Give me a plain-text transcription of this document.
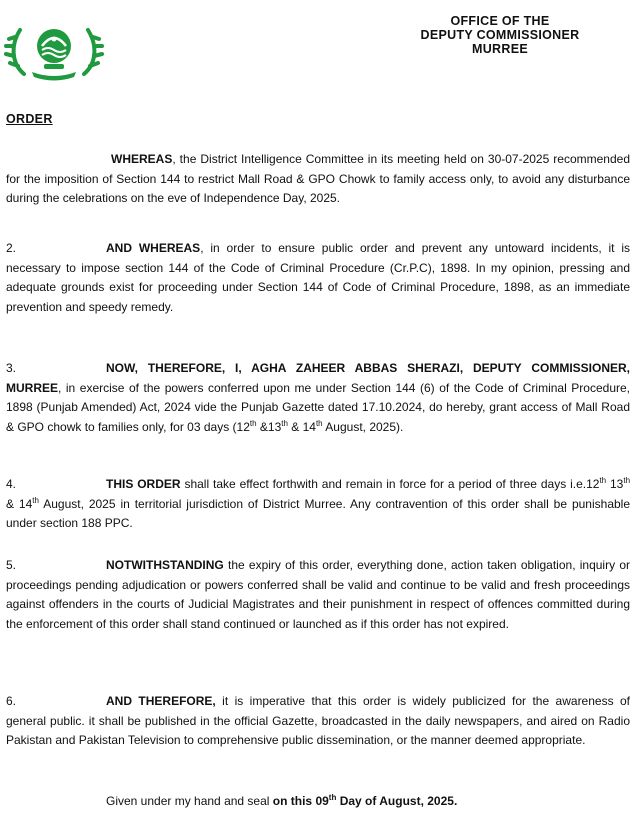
OFFICE OF THE
DEPUTY COMMISSIONER
MURREE
ORDER

WHEREAS, the District Intelligence Committee in its meeting held on 30-07-2025 recommended for the imposition of Section 144 to restrict Mall Road & GPO Chowk to family access only, to avoid any disturbance during the celebrations on the eve of Independence Day, 2025.

2.	AND WHEREAS, in order to ensure public order and prevent any untoward incidents, it is necessary to impose section 144 of the Code of Criminal Procedure (Cr.P.C), 1898. In my opinion, pressing and adequate grounds exist for proceeding under Section 144 of Code of Criminal Procedure, 1898, as an immediate prevention and speedy remedy.

3.	NOW, THEREFORE, I, AGHA ZAHEER ABBAS SHERAZI, DEPUTY COMMISSIONER, MURREE, in exercise of the powers conferred upon me under Section 144 (6) of the Code of Criminal Procedure, 1898 (Punjab Amended) Act, 2024 vide the Punjab Gazette dated 17.10.2024, do hereby, grant access of Mall Road & GPO chowk to families only, for 03 days (12th &13th & 14th August, 2025).

4.	THIS ORDER shall take effect forthwith and remain in force for a period of three days i.e.12th 13th & 14th August, 2025 in territorial jurisdiction of District Murree. Any contravention of this order shall be punishable under section 188 PPC.

5.	NOTWITHSTANDING the expiry of this order, everything done, action taken obligation, inquiry or proceedings pending adjudication or powers conferred shall be valid and continue to be valid and fresh proceedings against offenders in the courts of Judicial Magistrates and their punishment in respect of offences committed during the enforcement of this order shall stand continued or launched as if this order has not expired.

6.	AND THEREFORE, it is imperative that this order is widely publicized for the awareness of general public. it shall be published in the official Gazette, broadcasted in the daily newspapers, and aired on Radio Pakistan and Pakistan Television to comprehensive public dissemination, or the manner deemed appropriate.

Given under my hand and seal on this 09th Day of August, 2025.
